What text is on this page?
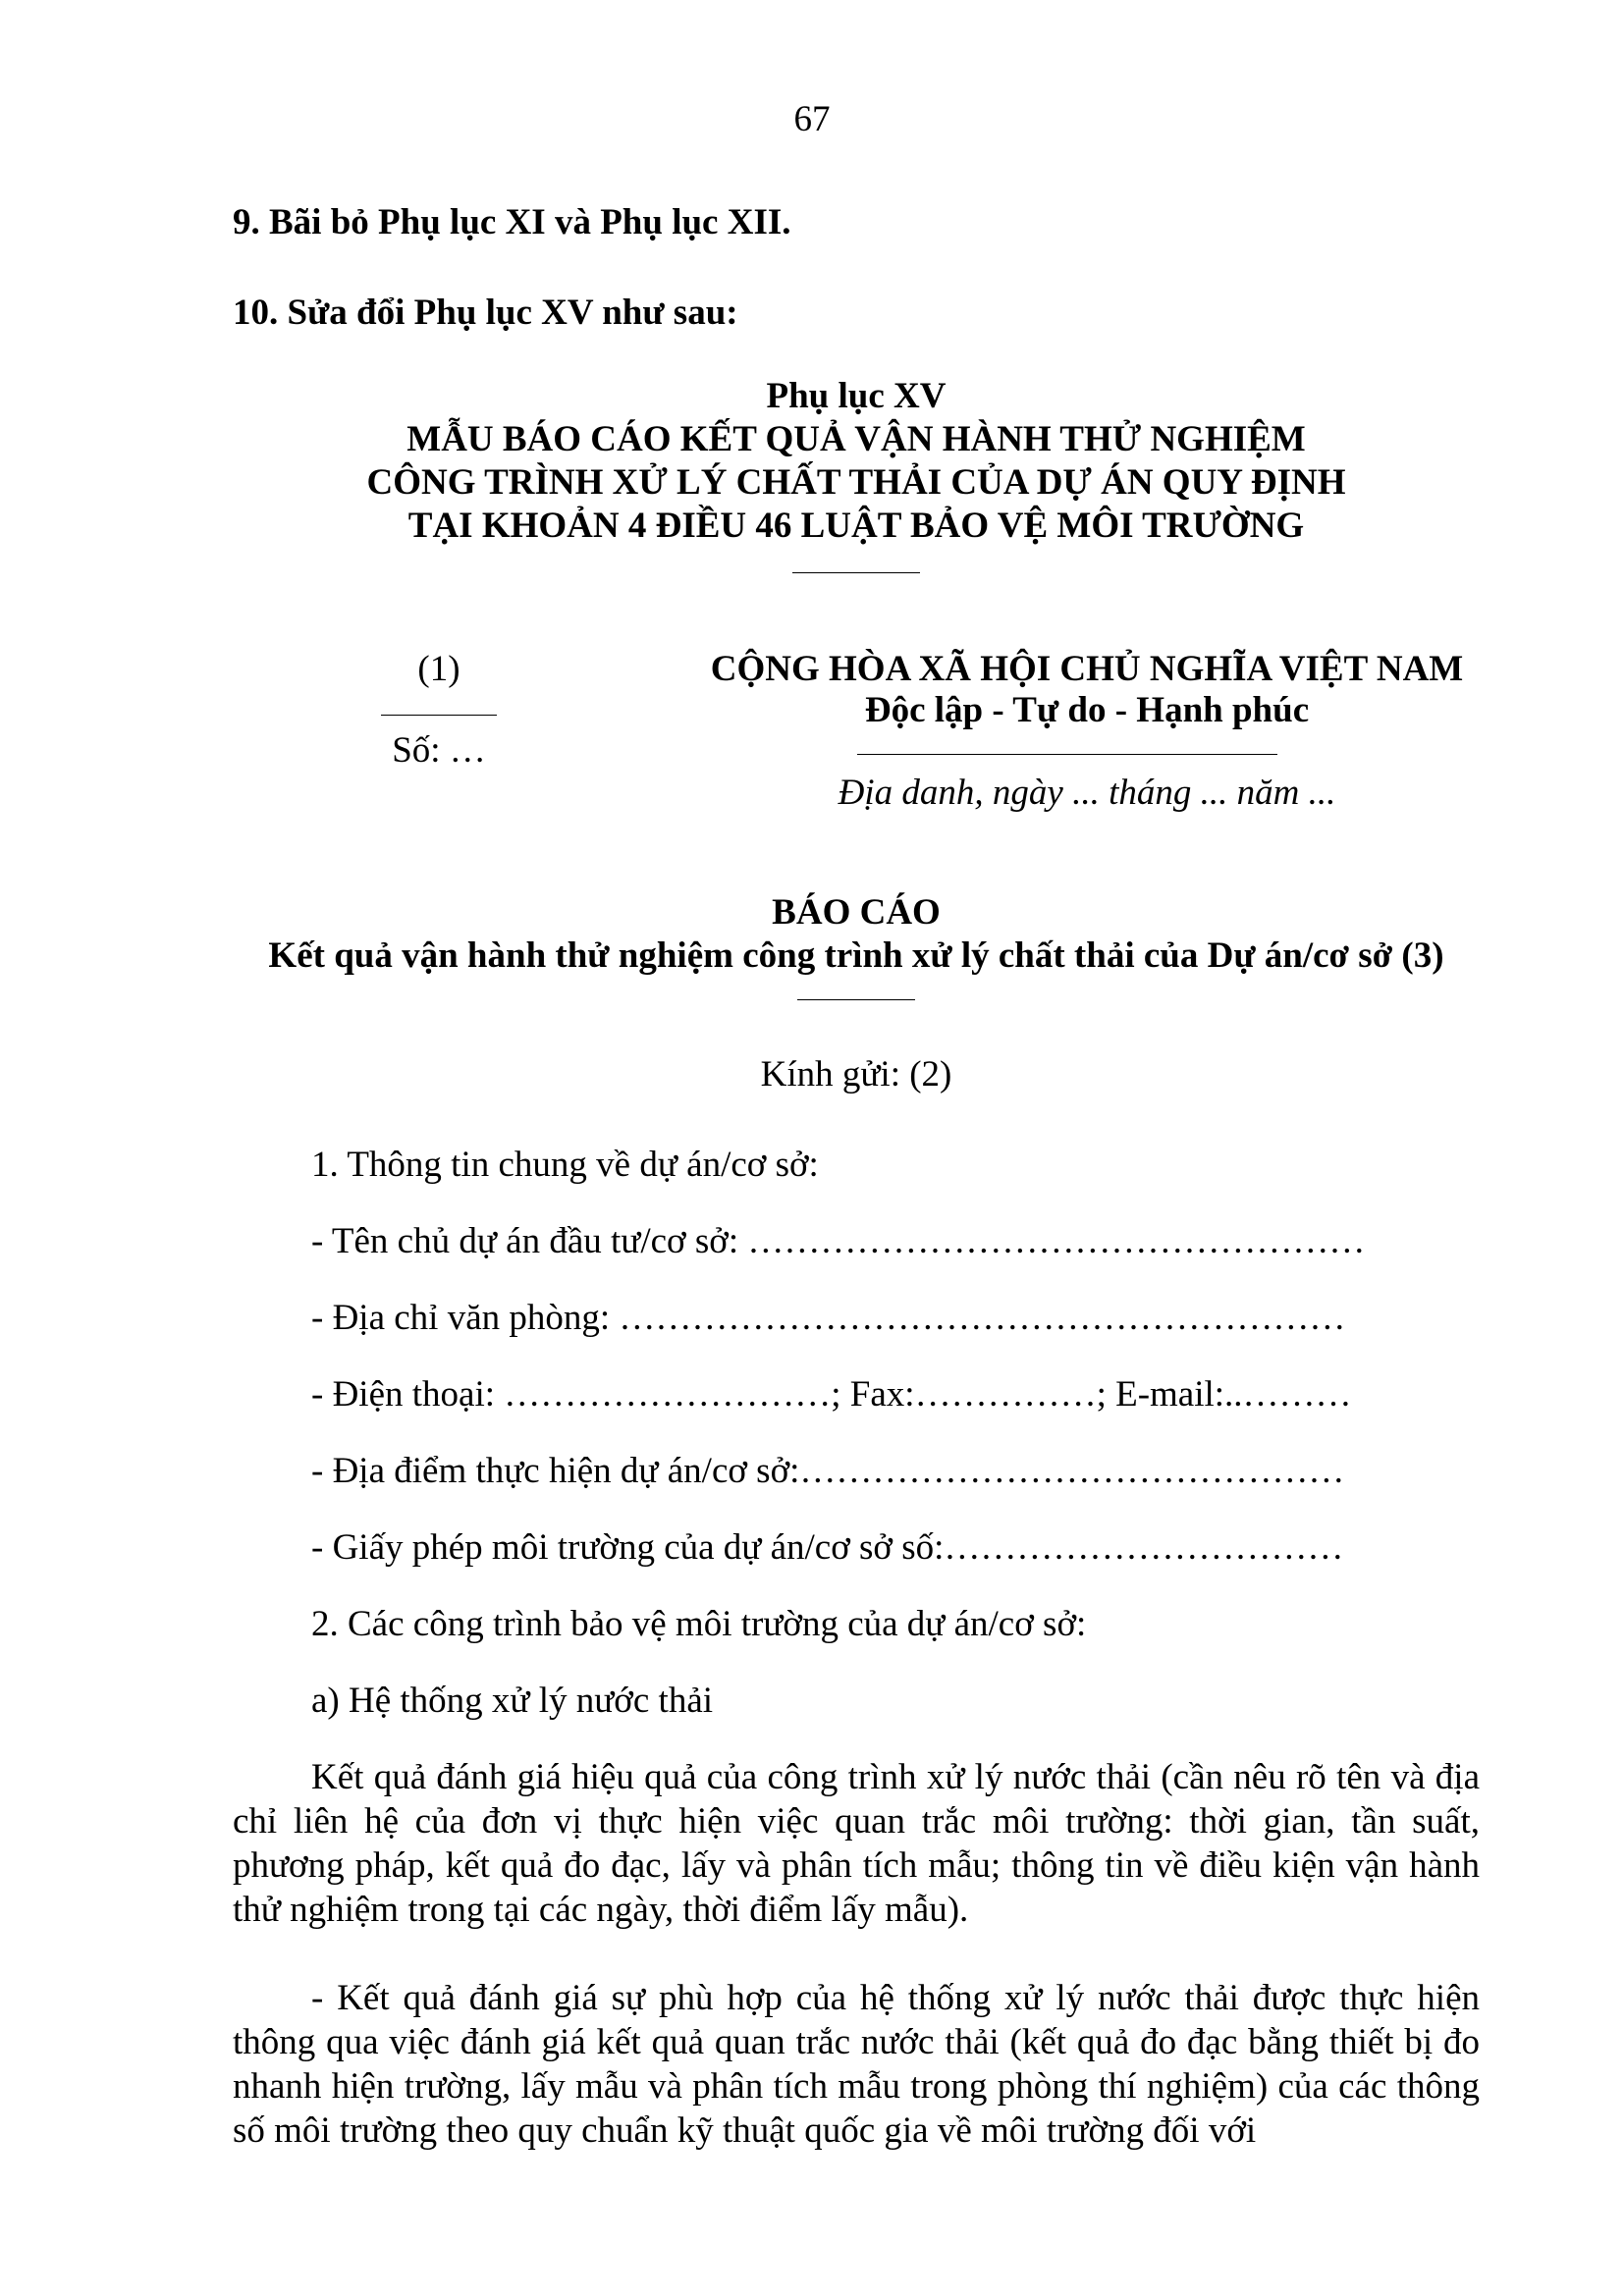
67
9. Bãi bỏ Phụ lục XI và Phụ lục XII.
10. Sửa đổi Phụ lục XV như sau:
Phụ lục XV
MẪU BÁO CÁO KẾT QUẢ VẬN HÀNH THỬ NGHIỆM
CÔNG TRÌNH XỬ LÝ CHẤT THẢI CỦA DỰ ÁN QUY ĐỊNH
TẠI KHOẢN 4 ĐIỀU 46 LUẬT BẢO VỆ MÔI TRƯỜNG
(1)
Số: …
CỘNG HÒA XÃ HỘI CHỦ NGHĨA VIỆT NAM
Độc lập - Tự do - Hạnh phúc
Địa danh, ngày ... tháng ... năm ...
BÁO CÁO
Kết quả vận hành thử nghiệm công trình xử lý chất thải của Dự án/cơ sở (3)
Kính gửi: (2)
1. Thông tin chung về dự án/cơ sở:
- Tên chủ dự án đầu tư/cơ sở: ……………………………………………
- Địa chỉ văn phòng: ……………………………………………………
- Điện thoại: ………………………; Fax:……………; E-mail:..………
- Địa điểm thực hiện dự án/cơ sở:………………………………………
- Giấy phép môi trường của dự án/cơ sở số:……………………………
2. Các công trình bảo vệ môi trường của dự án/cơ sở:
a) Hệ thống xử lý nước thải
Kết quả đánh giá hiệu quả của công trình xử lý nước thải (cần nêu rõ tên và địa chỉ liên hệ của đơn vị thực hiện việc quan trắc môi trường: thời gian, tần suất, phương pháp, kết quả đo đạc, lấy và phân tích mẫu; thông tin về điều kiện vận hành thử nghiệm trong tại các ngày, thời điểm lấy mẫu).
- Kết quả đánh giá sự phù hợp của hệ thống xử lý nước thải được thực hiện thông qua việc đánh giá kết quả quan trắc nước thải (kết quả đo đạc bằng thiết bị đo nhanh hiện trường, lấy mẫu và phân tích mẫu trong phòng thí nghiệm) của các thông số môi trường theo quy chuẩn kỹ thuật quốc gia về môi trường đối với
